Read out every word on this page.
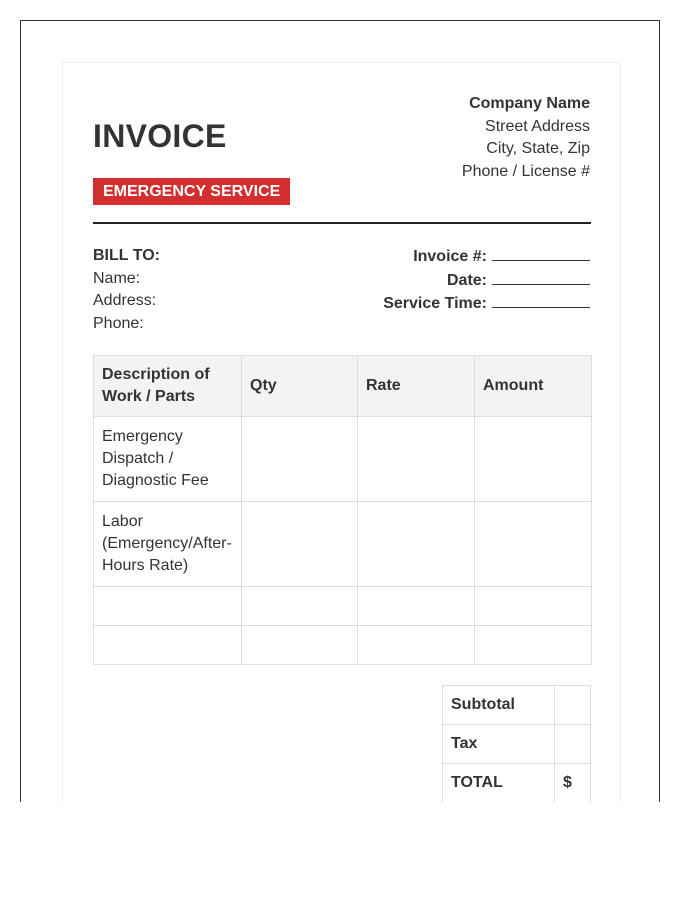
INVOICE
EMERGENCY SERVICE
Company Name
Street Address
City, State, Zip
Phone / License #
BILL TO:
Name:
Address:
Phone:
Invoice #:
Date:
Service Time:
Description of Work / Parts	Qty	Rate	Amount
Emergency Dispatch / Diagnostic Fee			
Labor (Emergency/After-Hours Rate)			

Subtotal	
Tax	
TOTAL	$
